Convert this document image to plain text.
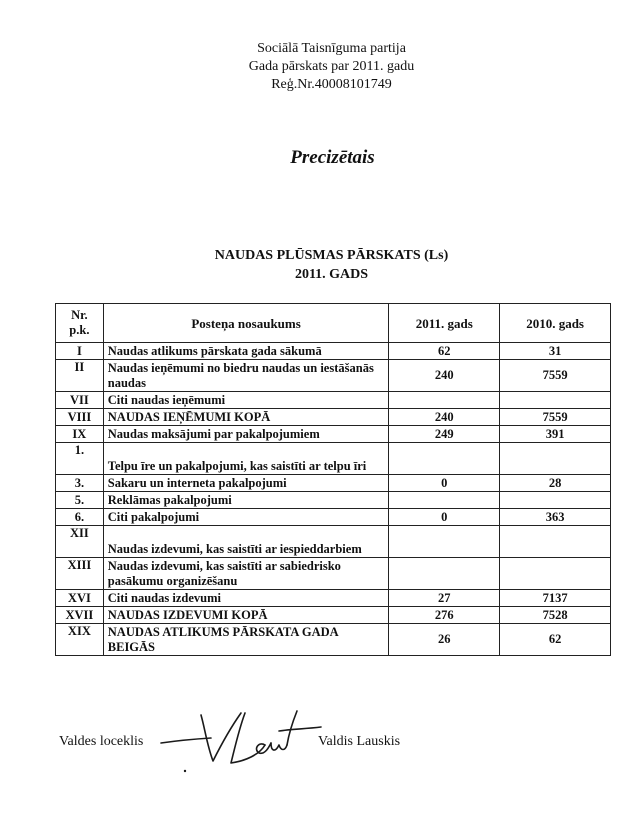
Sociālā Taisnīguma partija
Gada pārskats par 2011. gadu
Reģ.Nr.40008101749
Precizētais
NAUDAS PLŪSMAS PĀRSKATS (Ls)
2011. GADS
Nr. p.k.	Posteņa nosaukums	2011. gads	2010. gads
I	Naudas atlikums pārskata gada sākumā	62	31
II	Naudas ieņēmumi no biedru naudas un iestāšanās naudas	240	7559
VII	Citi naudas ieņēmumi		
VIII	NAUDAS IEŅĒMUMI KOPĀ	240	7559
IX	Naudas maksājumi par pakalpojumiem	249	391
1.	Telpu īre un pakalpojumi, kas saistīti ar telpu īri		
3.	Sakaru un interneta pakalpojumi	0	28
5.	Reklāmas pakalpojumi		
6.	Citi pakalpojumi	0	363
XII	Naudas izdevumi, kas saistīti ar iespieddarbiem		
XIII	Naudas izdevumi, kas saistīti ar sabiedrisko pasākumu organizēšanu		
XVI	Citi naudas izdevumi	27	7137
XVII	NAUDAS IZDEVUMI KOPĀ	276	7528
XIX	NAUDAS ATLIKUMS PĀRSKATA GADA BEIGĀS	26	62
Valdes loceklis	Valdis Lauskis
